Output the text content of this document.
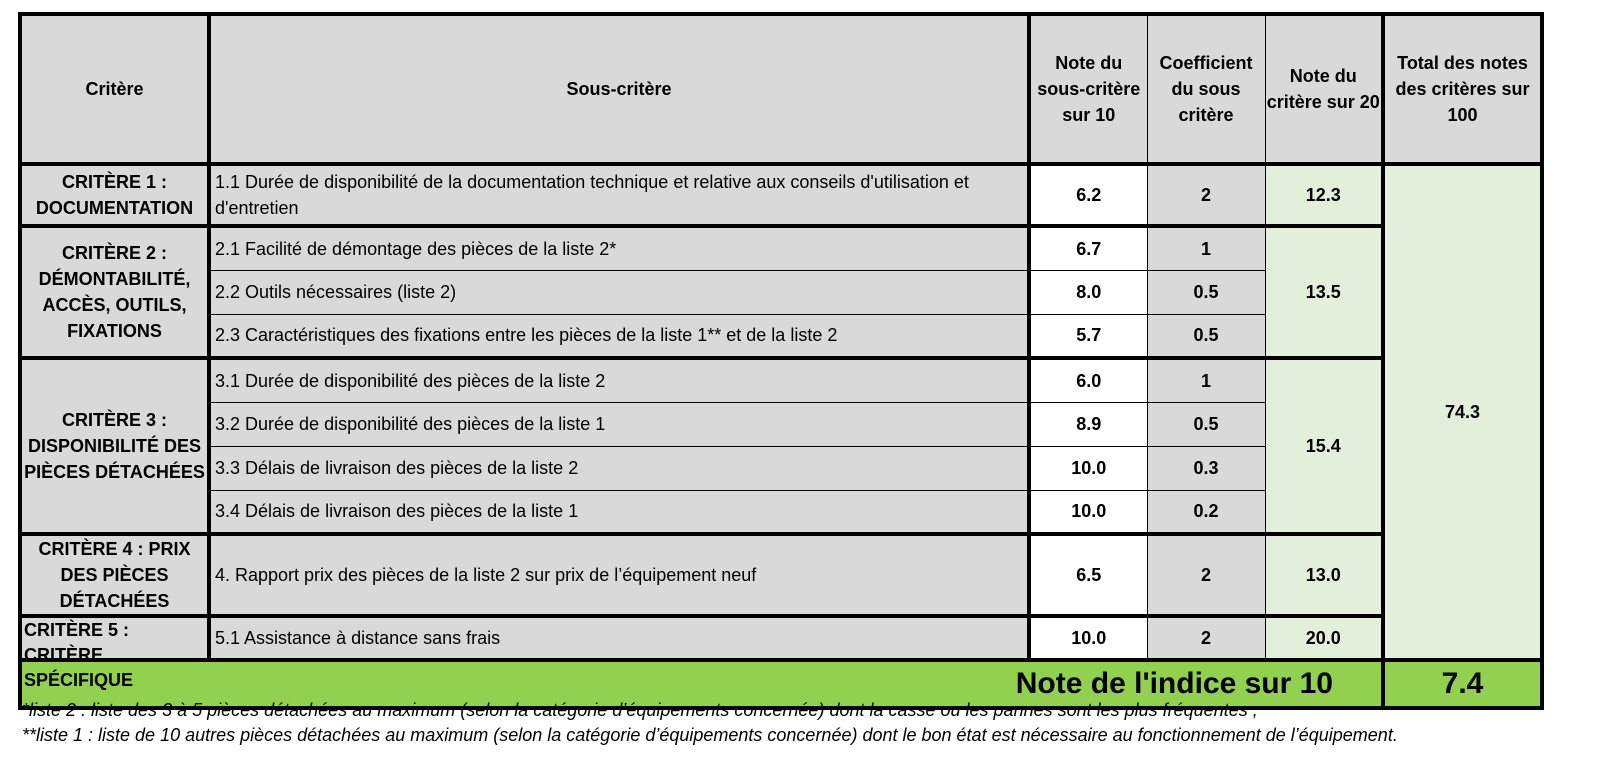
Critère	Sous-critère	Note du sous-critère sur 10	Coefficient du sous critère	Note du critère sur 20	Total des notes des critères sur 100
CRITÈRE 1 : DOCUMENTATION	1.1 Durée de disponibilité de la documentation technique et relative aux conseils d'utilisation et d'entretien	6.2	2	12.3	74.3
CRITÈRE 2 : DÉMONTABILITÉ, ACCÈS, OUTILS, FIXATIONS	2.1 Facilité de démontage des pièces de la liste 2*	6.7	1	13.5	
	2.2 Outils nécessaires (liste 2)	8.0	0.5		
	2.3 Caractéristiques des fixations entre les pièces de la liste 1** et de la liste 2	5.7	0.5		
CRITÈRE 3 : DISPONIBILITÉ DES PIÈCES DÉTACHÉES	3.1 Durée de disponibilité des pièces de la liste 2	6.0	1	15.4	
	3.2 Durée de disponibilité des pièces de la liste 1	8.9	0.5		
	3.3 Délais de livraison des pièces de la liste 2	10.0	0.3		
	3.4 Délais de livraison des pièces de la liste 1	10.0	0.2		
CRITÈRE 4 : PRIX DES PIÈCES DÉTACHÉES	4. Rapport prix des pièces de la liste 2 sur prix de l’équipement neuf	6.5	2	13.0	

CRITÈRE 5 : CRITÈRE SPÉCIFIQUE	5.1 Assistance à distance sans frais	10.0	2	20.0	
Note de l'indice sur 10					7.4
*liste 2 : liste des 3 à 5 pièces détachées au maximum (selon la catégorie d’équipements concernée) dont la casse ou les pannes sont les plus fréquentes ;
**liste 1 : liste de 10 autres pièces détachées au maximum (selon la catégorie d’équipements concernée) dont le bon état est nécessaire au fonctionnement de l’équipement.
